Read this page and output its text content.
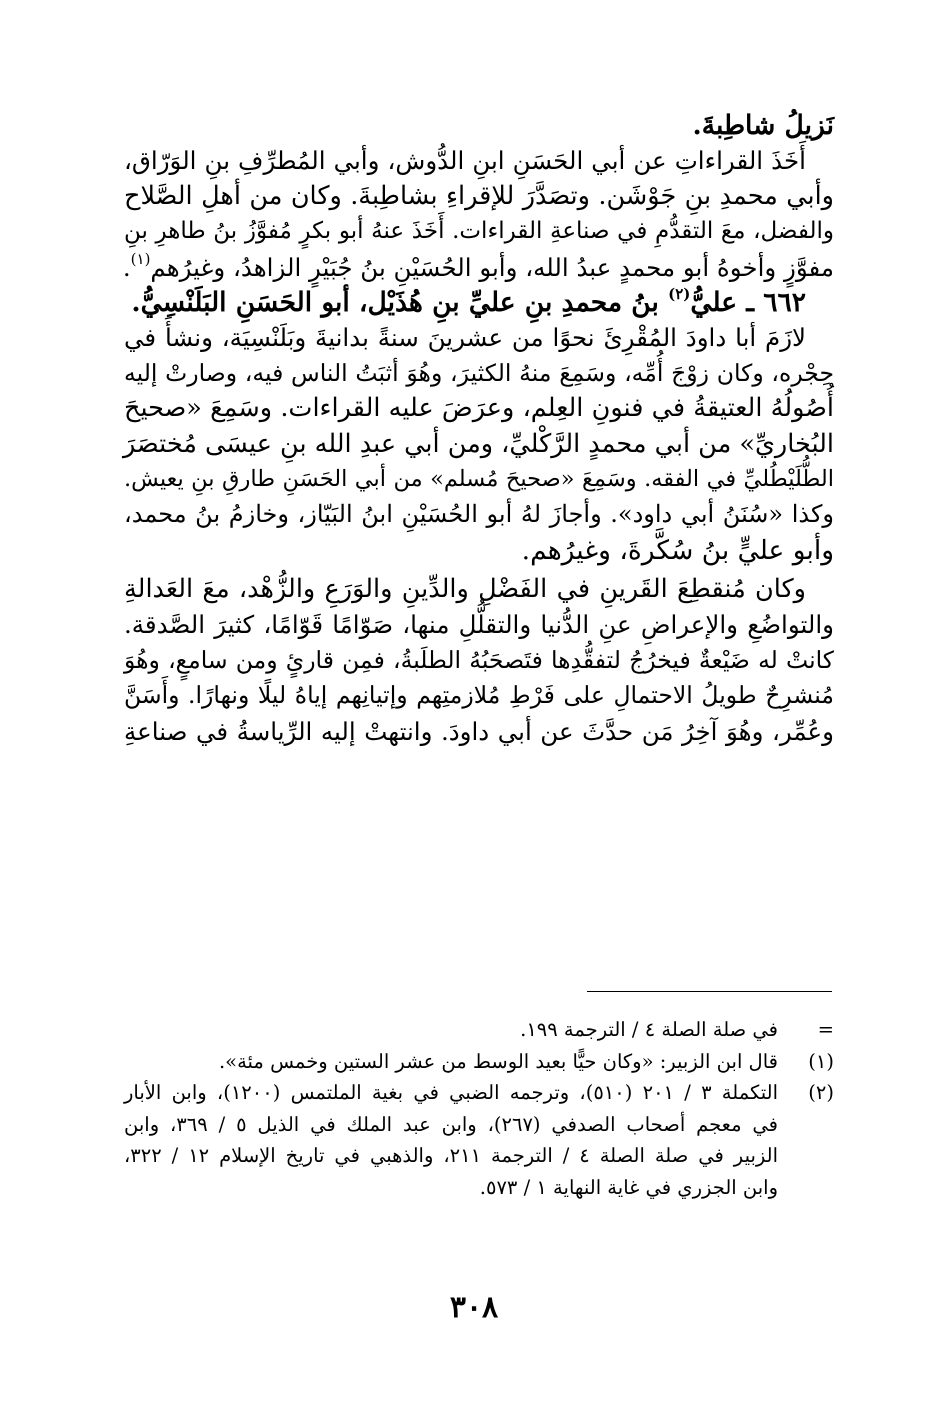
نَزيلُ شاطِبةَ.
أَخَذَ القراءاتِ عن أبي الحَسَنِ ابنِ الدُّوش، وأبي المُطرِّفِ بنِ الوَرّاق،
وأبي محمدِ بنِ جَوْشَن. وتصَدَّرَ للإقراءِ بشاطِبةَ. وكان من أهلِ الصَّلاح
والفضل، معَ التقدُّمِ في صناعةِ القراءات. أَخَذَ عنهُ أبو بكرٍ مُفوَّزُ بنُ طاهرِ بنِ
مفوَّزٍ وأخوهُ أبو محمدٍ عبدُ الله، وأبو الحُسَيْنِ بنُ جُبَيْرٍ الزاهدُ، وغيرُهم$^{(١)}$.
٦٦٢ ـ عليُّ$^{(٢)}$ بنُ محمدِ بنِ عليِّ بنِ هُذَيْل، أبو الحَسَنِ البَلَنْسِيُّ.
لازَمَ أبا داودَ المُقْرِئَ نحوًا من عشرينَ سنةً بدانيةَ وبَلَنْسِيَة، ونشأَ في
حِجْره، وكان زوْجَ أُمِّه، وسَمِعَ منهُ الكثيرَ، وهُوَ أثبَتُ الناس فيه، وصارتْ إليه
أُصُولُهُ العتيقةُ في فنونِ العِلم، وعرَضَ عليه القراءات. وسَمِعَ «صحيحَ
البُخاريِّ» من أبي محمدٍ الرَّكْليِّ، ومن أبي عبدِ الله بنِ عيسَى مُختصَرَ
الطُّلَيْطُليِّ في الفقه. وسَمِعَ «صحيحَ مُسلم» من أبي الحَسَنِ طارقِ بنِ يعيش.
وكذا «سُنَنُ أبي داود». وأجازَ لهُ أبو الحُسَيْنِ ابنُ البَيّاز، وخازمُ بنُ محمد،
وأبو عليٍّ بنُ سُكَّرةَ، وغيرُهم.
وكان مُنقطِعَ القَرينِ في الفَضْلِ والدِّينِ والوَرَعِ والزُّهْد، معَ العَدالةِ
والتواضُعِ والإعراضِ عنِ الدُّنيا والتقلُّلِ منها، صَوّامًا قَوّامًا، كثيرَ الصَّدقة.
كانتْ له ضَيْعةٌ فيخرُجُ لتفقُّدِها فتَصحَبُهُ الطلَبةُ، فمِن قارئٍ ومن سامعٍ، وهُوَ
مُنشرِحٌ طويلُ الاحتمالِ على فَرْطِ مُلازمتِهم وإتيانِهم إياهُ ليلًا ونهارًا. وأَسَنَّ
وعُمِّر، وهُوَ آخِرُ مَن حدَّثَ عن أبي داودَ. وانتهتْ إليه الرِّياسةُ في صناعةِ
=
في صلة الصلة ٤ / الترجمة ١٩٩.
(١)
قال ابن الزبير: «وكان حيًّا بعيد الوسط من عشر الستين وخمس مئة».
(٢)
التكملة ٣ / ٢٠١ (٥١٠)، وترجمه الضبي في بغية الملتمس (١٢٠٠)، وابن الأبار
في معجم أصحاب الصدفي (٢٦٧)، وابن عبد الملك في الذيل ٥ / ٣٦٩، وابن
الزبير في صلة الصلة ٤ / الترجمة ٢١١، والذهبي في تاريخ الإسلام ١٢ / ٣٢٢،
وابن الجزري في غاية النهاية ١ / ٥٧٣.
٣٠٨
